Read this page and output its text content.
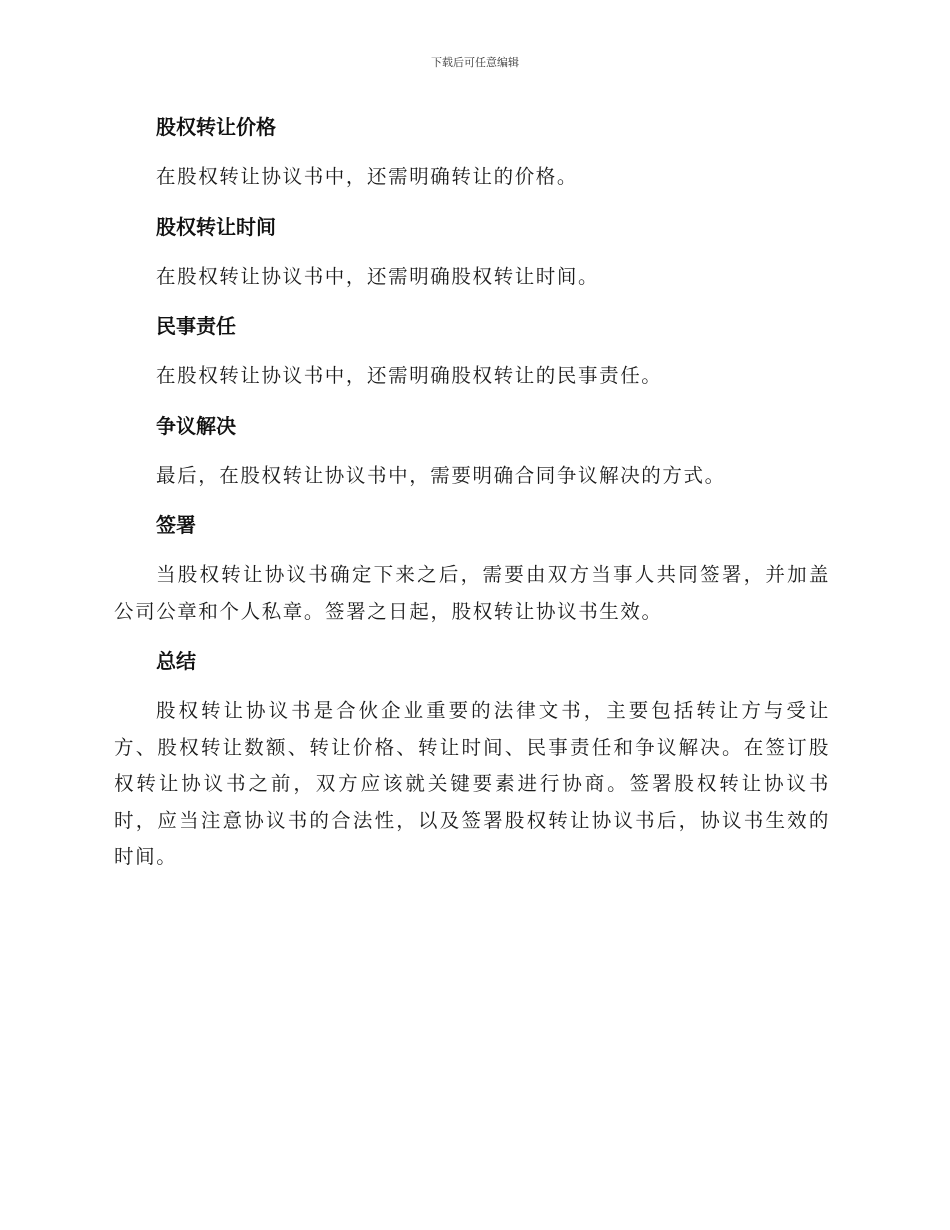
下载后可任意编辑
股权转让价格

在股权转让协议书中，还需明确转让的价格。

股权转让时间

在股权转让协议书中，还需明确股权转让时间。

民事责任

在股权转让协议书中，还需明确股权转让的民事责任。

争议解决

最后，在股权转让协议书中，需要明确合同争议解决的方式。

签署

当股权转让协议书确定下来之后，需要由双方当事人共同签署，并加盖公司公章和个人私章。签署之日起，股权转让协议书生效。

总结

股权转让协议书是合伙企业重要的法律文书，主要包括转让方与受让方、股权转让数额、转让价格、转让时间、民事责任和争议解决。在签订股权转让协议书之前，双方应该就关键要素进行协商。签署股权转让协议书时，应当注意协议书的合法性，以及签署股权转让协议书后，协议书生效的时间。
